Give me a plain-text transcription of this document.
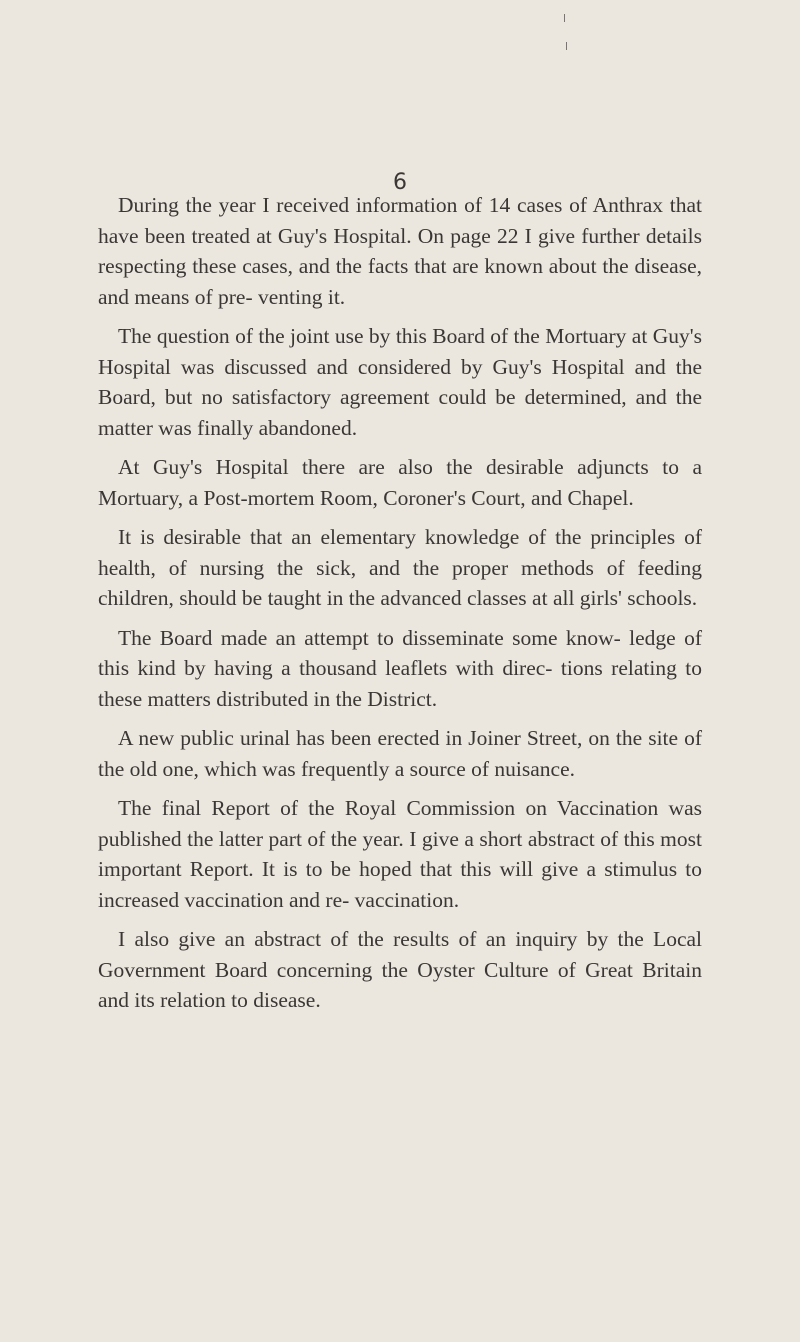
6

During the year I received information of 14 cases of Anthrax that have been treated at Guy's Hospital. On page 22 I give further details respecting these cases, and the facts that are known about the disease, and means of pre- venting it.

The question of the joint use by this Board of the Mortuary at Guy's Hospital was discussed and considered by Guy's Hospital and the Board, but no satisfactory agreement could be determined, and the matter was finally abandoned.

At Guy's Hospital there are also the desirable adjuncts to a Mortuary, a Post-mortem Room, Coroner's Court, and Chapel.

It is desirable that an elementary knowledge of the principles of health, of nursing the sick, and the proper methods of feeding children, should be taught in the advanced classes at all girls' schools.

The Board made an attempt to disseminate some know- ledge of this kind by having a thousand leaflets with direc- tions relating to these matters distributed in the District.

A new public urinal has been erected in Joiner Street, on the site of the old one, which was frequently a source of nuisance.

The final Report of the Royal Commission on Vaccination was published the latter part of the year. I give a short abstract of this most important Report. It is to be hoped that this will give a stimulus to increased vaccination and re- vaccination.

I also give an abstract of the results of an inquiry by the Local Government Board concerning the Oyster Culture of Great Britain and its relation to disease.
